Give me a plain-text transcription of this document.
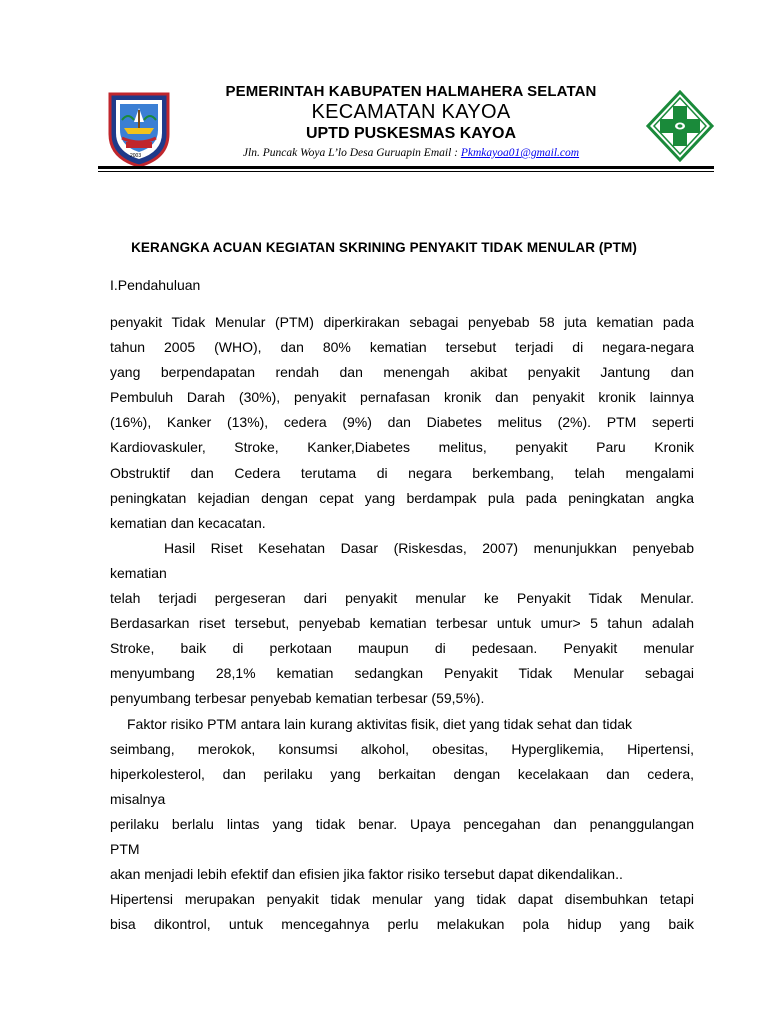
2003
PEMERINTAH KABUPATEN HALMAHERA SELATAN
KECAMATAN KAYOA
UPTD PUSKESMAS KAYOA
Jln. Puncak Woya L’lo Desa Guruapin Email : Pkmkayoa01@gmail.com
KERANGKA ACUAN KEGIATAN SKRINING PENYAKIT TIDAK MENULAR (PTM)
I.Pendahuluan

penyakit Tidak Menular (PTM) diperkirakan sebagai penyebab 58 juta kematian pada

tahun 2005 (WHO), dan 80% kematian tersebut terjadi di negara-negara

yang berpendapatan rendah dan menengah akibat penyakit Jantung dan

Pembuluh Darah (30%), penyakit pernafasan kronik dan penyakit kronik lainnya

(16%), Kanker (13%), cedera (9%) dan Diabetes melitus (2%). PTM seperti

Kardiovaskuler, Stroke, Kanker,Diabetes melitus, penyakit Paru Kronik

Obstruktif dan Cedera terutama di negara berkembang, telah mengalami

peningkatan kejadian dengan cepat yang berdampak pula pada peningkatan angka

kematian dan kecacatan.

Hasil Riset Kesehatan Dasar (Riskesdas, 2007) menunjukkan penyebab

kematian

telah terjadi pergeseran dari penyakit menular ke Penyakit Tidak Menular.

Berdasarkan riset tersebut, penyebab kematian terbesar untuk umur> 5 tahun adalah

Stroke, baik di perkotaan maupun di pedesaan. Penyakit menular

menyumbang 28,1% kematian sedangkan Penyakit Tidak Menular sebagai

penyumbang terbesar penyebab kematian terbesar (59,5%).

Faktor risiko PTM antara lain kurang aktivitas fisik, diet yang tidak sehat dan tidak

seimbang, merokok, konsumsi alkohol, obesitas, Hyperglikemia, Hipertensi,

hiperkolesterol, dan perilaku yang berkaitan dengan kecelakaan dan cedera,

misalnya

perilaku berlalu lintas yang tidak benar. Upaya pencegahan dan penanggulangan

PTM

akan menjadi lebih efektif dan efisien jika faktor risiko tersebut dapat dikendalikan..

Hipertensi merupakan penyakit tidak menular yang tidak dapat disembuhkan tetapi

bisa dikontrol, untuk mencegahnya perlu melakukan pola hidup yang baik
